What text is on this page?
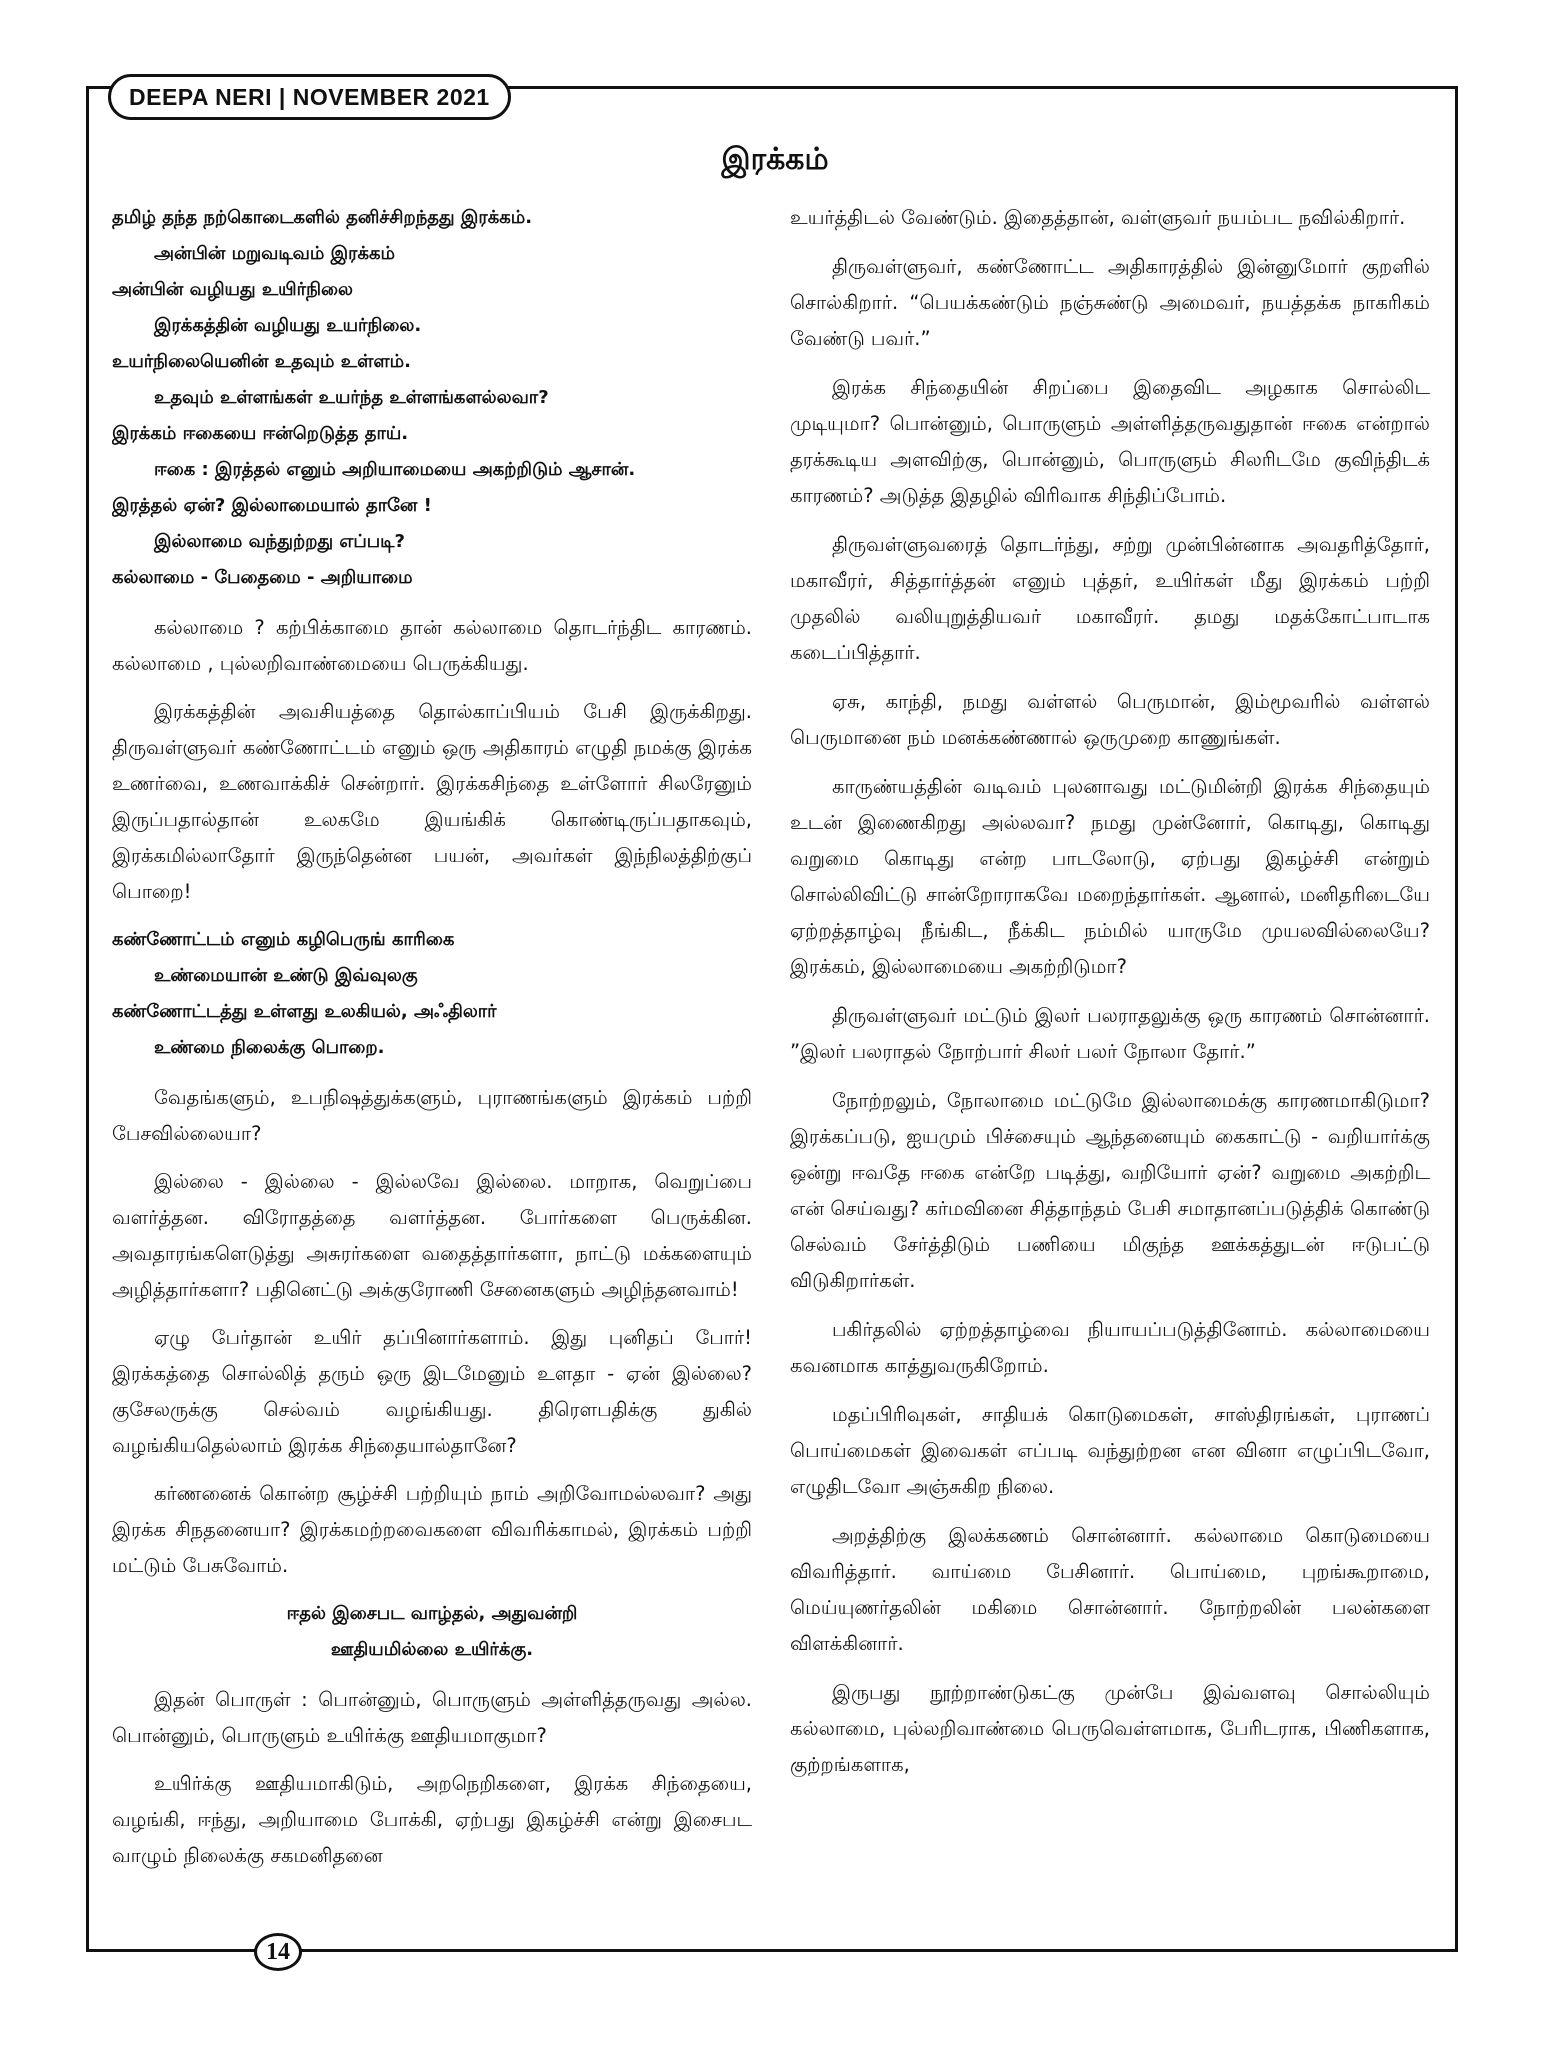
DEEPA NERI | NOVEMBER 2021
இரக்கம்
தமிழ் தந்த நற்கொடைகளில் தனிச்சிறந்தது இரக்கம்.
அன்பின் மறுவடிவம் இரக்கம்
அன்பின் வழியது உயிர்நிலை
இரக்கத்தின் வழியது உயர்நிலை.
உயர்நிலையெனின் உதவும் உள்ளம்.
உதவும் உள்ளங்கள் உயர்ந்த உள்ளங்களல்லவா?
இரக்கம் ஈகையை ஈன்றெடுத்த தாய்.
ஈகை : இரத்தல் எனும் அறியாமையை அகற்றிடும் ஆசான்.
இரத்தல் ஏன்? இல்லாமையால் தானே !
இல்லாமை வந்துற்றது எப்படி?
கல்லாமை - பேதைமை - அறியாமை

கல்லாமை ? கற்பிக்காமை தான் கல்லாமை தொடர்ந்திட காரணம். கல்லாமை , புல்லறிவாண்மையை பெருக்கியது.

இரக்கத்தின் அவசியத்தை தொல்காப்பியம் பேசி இருக்கிறது. திருவள்ளுவர் கண்ணோட்டம் எனும் ஒரு அதிகாரம் எழுதி நமக்கு இரக்க உணர்வை, உணவாக்கிச் சென்றார். இரக்கசிந்தை உள்ளோர் சிலரேனும் இருப்பதால்தான் உலகமே இயங்கிக் கொண்டிருப்பதாகவும், இரக்கமில்லாதோர் இருந்தென்ன பயன், அவர்கள் இந்நிலத்திற்குப் பொறை!

கண்ணோட்டம் எனும் கழிபெருங் காரிகை
உண்மையான் உண்டு இவ்வுலகு
கண்ணோட்டத்து உள்ளது உலகியல், அஃதிலார்
உண்மை நிலைக்கு பொறை.

வேதங்களும், உபநிஷத்துக்களும், புராணங்களும் இரக்கம் பற்றி பேசவில்லையா?

இல்லை - இல்லை - இல்லவே இல்லை. மாறாக, வெறுப்பை வளர்த்தன. விரோதத்தை வளர்த்தன. போர்களை பெருக்கின. அவதாரங்களெடுத்து அசுரர்களை வதைத்தார்களா, நாட்டு மக்களையும் அழித்தார்களா? பதினெட்டு அக்குரோணி சேனைகளும் அழிந்தனவாம்!

ஏழு பேர்தான் உயிர் தப்பினார்களாம். இது புனிதப் போர்! இரக்கத்தை சொல்லித் தரும் ஒரு இடமேனும் உளதா - ஏன் இல்லை? குசேலருக்கு செல்வம் வழங்கியது. திரௌபதிக்கு துகில் வழங்கியதெல்லாம் இரக்க சிந்தையால்தானே?

கர்ணனைக் கொன்ற சூழ்ச்சி பற்றியும் நாம் அறிவோமல்லவா? அது இரக்க சிநதனையா? இரக்கமற்றவைகளை விவரிக்காமல், இரக்கம் பற்றி மட்டும் பேசுவோம்.

ஈதல் இசைபட வாழ்தல், அதுவன்றி
ஊதியமில்லை உயிர்க்கு.

இதன் பொருள் : பொன்னும், பொருளும் அள்ளித்தருவது அல்ல. பொன்னும், பொருளும் உயிர்க்கு ஊதியமாகுமா?

உயிர்க்கு ஊதியமாகிடும், அறநெறிகளை, இரக்க சிந்தையை, வழங்கி, ஈந்து, அறியாமை போக்கி, ஏற்பது இகழ்ச்சி என்று இசைபட வாழும் நிலைக்கு சகமனிதனை

உயர்த்திடல் வேண்டும். இதைத்தான், வள்ளுவர் நயம்பட நவில்கிறார்.

திருவள்ளுவர், கண்ணோட்ட அதிகாரத்தில் இன்னுமோர் குறளில் சொல்கிறார். “பெயக்கண்டும் நஞ்சுண்டு அமைவர், நயத்தக்க நாகரிகம் வேண்டு பவர்.”

இரக்க சிந்தையின் சிறப்பை இதைவிட அழகாக சொல்லிட முடியுமா? பொன்னும், பொருளும் அள்ளித்தருவதுதான் ஈகை என்றால் தரக்கூடிய அளவிற்கு, பொன்னும், பொருளும் சிலரிடமே குவிந்திடக் காரணம்? அடுத்த இதழில் விரிவாக சிந்திப்போம்.

திருவள்ளுவரைத் தொடர்ந்து, சற்று முன்பின்னாக அவதரித்தோர், மகாவீரர், சித்தார்த்தன் எனும் புத்தர், உயிர்கள் மீது இரக்கம் பற்றி முதலில் வலியுறுத்தியவர் மகாவீரர். தமது மதக்கோட்பாடாக கடைப்பித்தார்.

ஏசு, காந்தி, நமது வள்ளல் பெருமான், இம்மூவரில் வள்ளல் பெருமானை நம் மனக்கண்ணால் ஒருமுறை காணுங்கள்.

காருண்யத்தின் வடிவம் புலனாவது மட்டுமின்றி இரக்க சிந்தையும் உடன் இணைகிறது அல்லவா? நமது முன்னோர், கொடிது, கொடிது வறுமை கொடிது என்ற பாடலோடு, ஏற்பது இகழ்ச்சி என்றும் சொல்லிவிட்டு சான்றோராகவே மறைந்தார்கள். ஆனால், மனிதரிடையே ஏற்றத்தாழ்வு நீங்கிட, நீக்கிட நம்மில் யாருமே முயலவில்லையே? இரக்கம், இல்லாமையை அகற்றிடுமா?

திருவள்ளுவர் மட்டும் இலர் பலராதலுக்கு ஒரு காரணம் சொன்னார். ”இலர் பலராதல் நோற்பார் சிலர் பலர் நோலா தோர்.”

நோற்றலும், நோலாமை மட்டுமே இல்லாமைக்கு காரணமாகிடுமா? இரக்கப்படு, ஐயமும் பிச்சையும் ஆந்தனையும் கைகாட்டு - வறியார்க்கு ஒன்று ஈவதே ஈகை என்றே படித்து, வறியோர் ஏன்? வறுமை அகற்றிட என் செய்வது? கர்மவினை சித்தாந்தம் பேசி சமாதானப்படுத்திக் கொண்டு செல்வம் சேர்த்திடும் பணியை மிகுந்த ஊக்கத்துடன் ஈடுபட்டு விடுகிறார்கள்.

பகிர்தலில் ஏற்றத்தாழ்வை நியாயப்படுத்தினோம். கல்லாமையை கவனமாக காத்துவருகிறோம்.

மதப்பிரிவுகள், சாதியக் கொடுமைகள், சாஸ்திரங்கள், புராணப் பொய்மைகள் இவைகள் எப்படி வந்துற்றன என வினா எழுப்பிடவோ, எழுதிடவோ அஞ்சுகிற நிலை.

அறத்திற்கு இலக்கணம் சொன்னார். கல்லாமை கொடுமையை விவரித்தார். வாய்மை பேசினார். பொய்மை, புறங்கூறாமை, மெய்யுணர்தலின் மகிமை சொன்னார். நோற்றலின் பலன்களை விளக்கினார்.

இருபது நூற்றாண்டுகட்கு முன்பே இவ்வளவு சொல்லியும் கல்லாமை, புல்லறிவாண்மை பெருவெள்ளமாக, பேரிடராக, பிணிகளாக, குற்றங்களாக,

14
